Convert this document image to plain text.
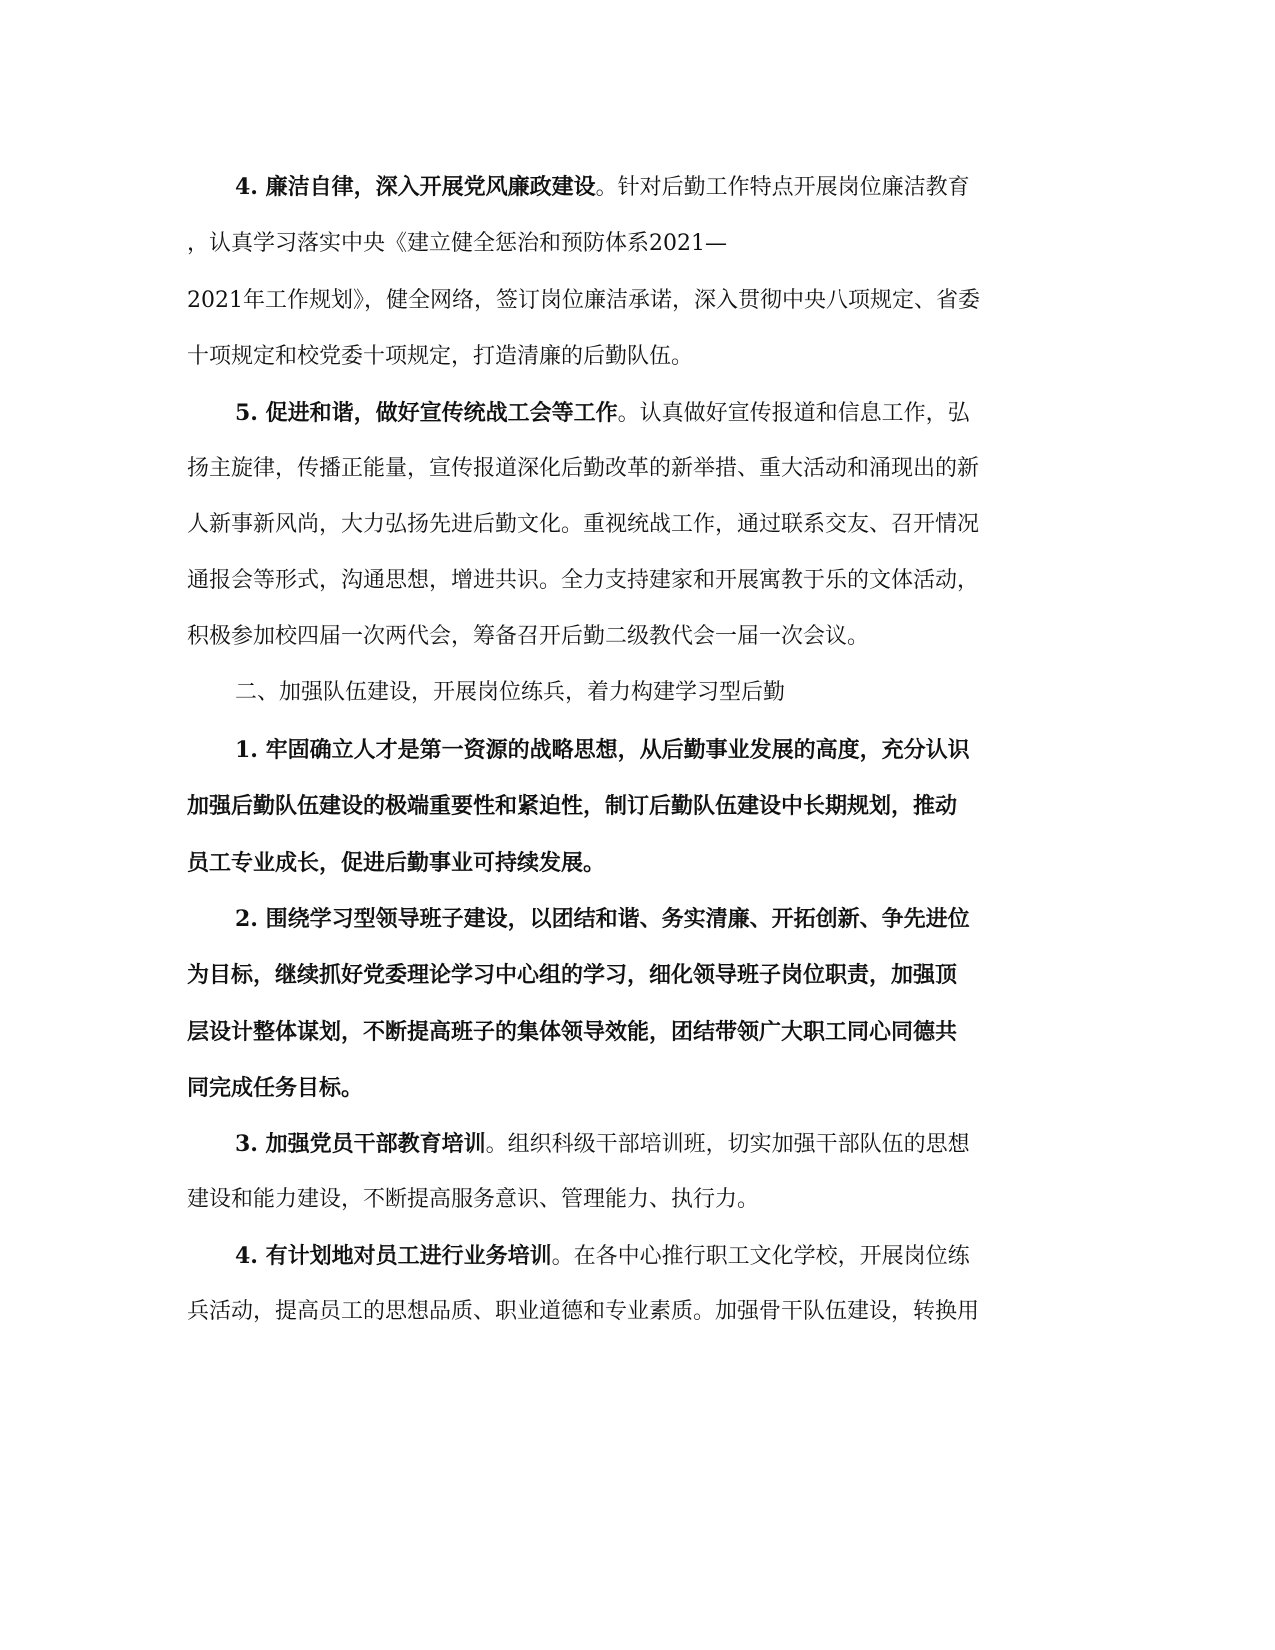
4. 廉洁自律，深入开展党风廉政建设。针对后勤工作特点开展岗位廉洁教育
，认真学习落实中央《建立健全惩治和预防体系2021—
2021年工作规划》，健全网络，签订岗位廉洁承诺，深入贯彻中央八项规定、省委
十项规定和校党委十项规定，打造清廉的后勤队伍。
5. 促进和谐，做好宣传统战工会等工作。认真做好宣传报道和信息工作，弘
扬主旋律，传播正能量，宣传报道深化后勤改革的新举措、重大活动和涌现出的新
人新事新风尚，大力弘扬先进后勤文化。重视统战工作，通过联系交友、召开情况
通报会等形式，沟通思想，增进共识。全力支持建家和开展寓教于乐的文体活动，
积极参加校四届一次两代会，筹备召开后勤二级教代会一届一次会议。
二、加强队伍建设，开展岗位练兵，着力构建学习型后勤
1. 牢固确立人才是第一资源的战略思想，从后勤事业发展的高度，充分认识
加强后勤队伍建设的极端重要性和紧迫性，制订后勤队伍建设中长期规划，推动
员工专业成长，促进后勤事业可持续发展。
2. 围绕学习型领导班子建设，以团结和谐、务实清廉、开拓创新、争先进位
为目标，继续抓好党委理论学习中心组的学习，细化领导班子岗位职责，加强顶
层设计整体谋划，不断提高班子的集体领导效能，团结带领广大职工同心同德共
同完成任务目标。
3. 加强党员干部教育培训。组织科级干部培训班，切实加强干部队伍的思想
建设和能力建设，不断提高服务意识、管理能力、执行力。
4. 有计划地对员工进行业务培训。在各中心推行职工文化学校，开展岗位练
兵活动，提高员工的思想品质、职业道德和专业素质。加强骨干队伍建设，转换用
